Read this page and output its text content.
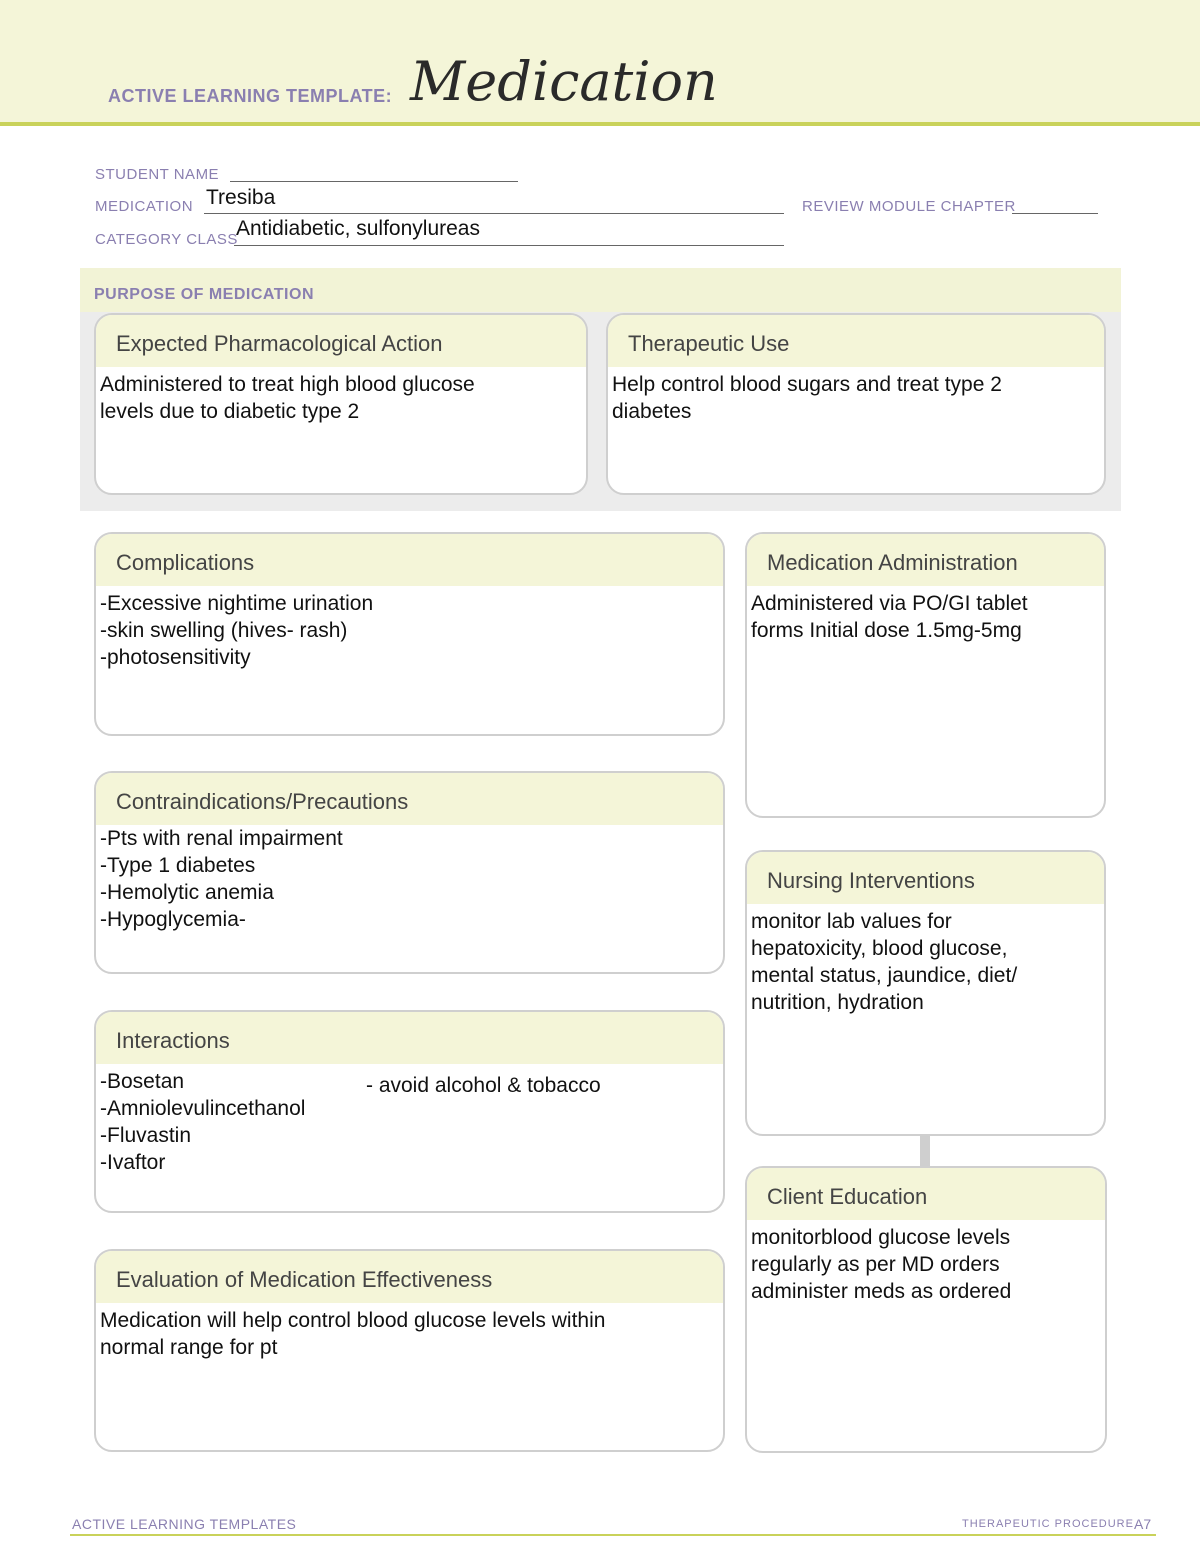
ACTIVE LEARNING TEMPLATE: Medication
STUDENT NAME
MEDICATION Tresiba	REVIEW MODULE CHAPTER
CATEGORY CLASS
Antidiabetic, sulfonylureas
PURPOSE OF MEDICATION
Expected Pharmacological Action
Administered to treat high blood glucose
levels due to diabetic type 2
Therapeutic Use
Help control blood sugars and treat type 2
diabetes
Complications
-Excessive nightime urination
-skin swelling (hives- rash)
-photosensitivity
Medication Administration
Administered via PO/GI tablet
forms Initial dose 1.5mg-5mg
Contraindications/Precautions
-Pts with renal impairment
-Type 1 diabetes
-Hemolytic anemia
-Hypoglycemia-
Nursing Interventions
monitor lab values for
hepatoxicity, blood glucose,
mental status, jaundice, diet/
nutrition, hydration
Interactions
-Bosetan
-Amniolevulincethanol
-Fluvastin
-Ivaftor
- avoid alcohol & tobacco
Client Education
monitorblood glucose levels
regularly as per MD orders
administer meds as ordered
Evaluation of Medication Effectiveness
Medication will help control blood glucose levels within
normal range for pt
ACTIVE LEARNING TEMPLATES	THERAPEUTIC PROCEDURE A7
